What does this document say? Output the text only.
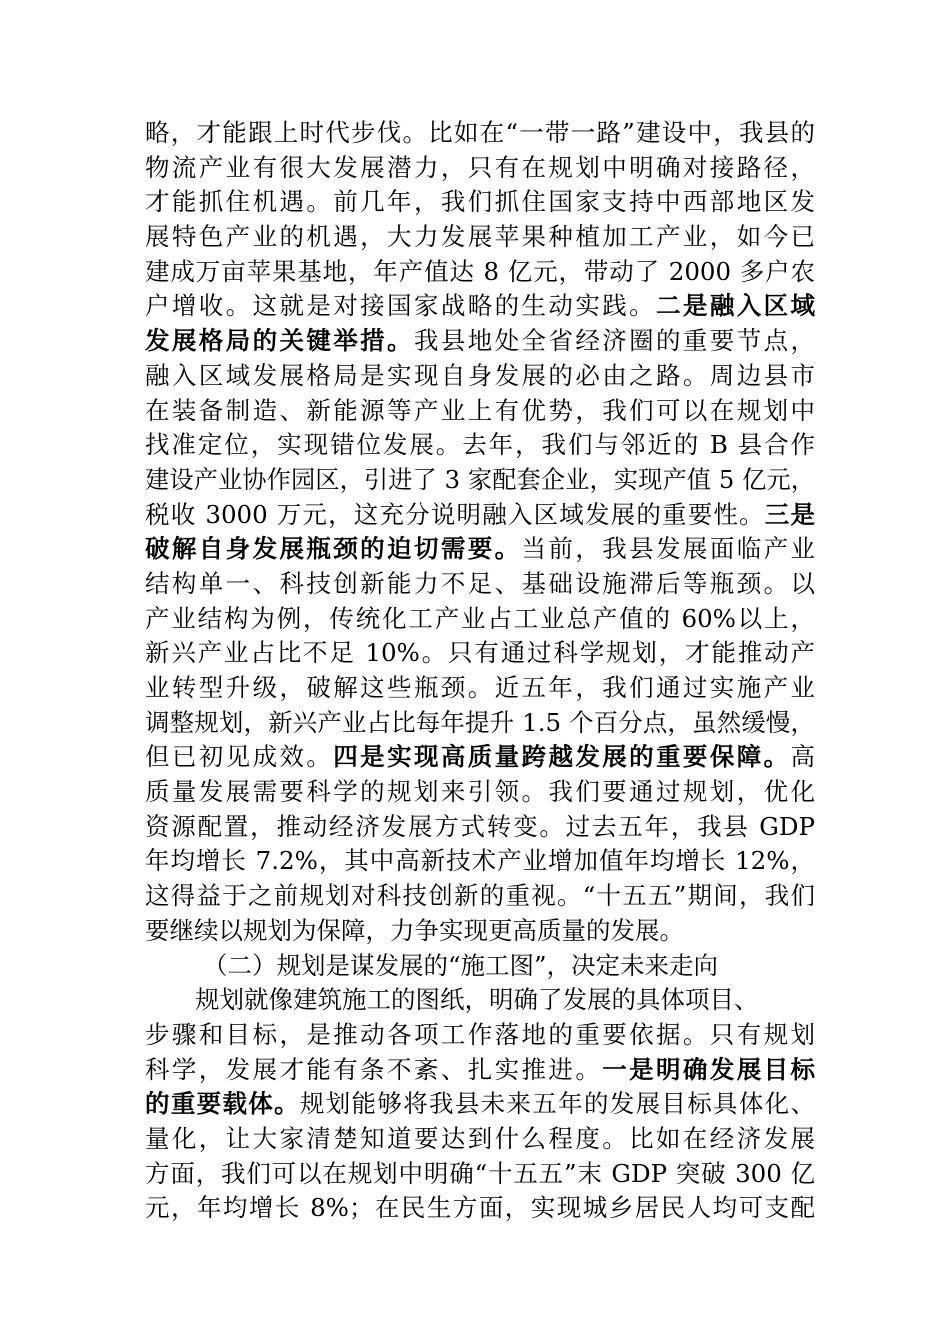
略，才能跟上时代步伐。比如在“一带一路”建设中，我县的
物流产业有很大发展潜力，只有在规划中明确对接路径，
才能抓住机遇。前几年，我们抓住国家支持中西部地区发
展特色产业的机遇，大力发展苹果种植加工产业，如今已
建成万亩苹果基地，年产值达 8 亿元，带动了 2000 多户农
户增收。这就是对接国家战略的生动实践。二是融入区域
发展格局的关键举措。我县地处全省经济圈的重要节点，
融入区域发展格局是实现自身发展的必由之路。周边县市
在装备制造、新能源等产业上有优势，我们可以在规划中
找准定位，实现错位发展。去年，我们与邻近的 B 县合作
建设产业协作园区，引进了 3 家配套企业，实现产值 5 亿元，
税收 3000 万元，这充分说明融入区域发展的重要性。三是
破解自身发展瓶颈的迫切需要。当前，我县发展面临产业
结构单一、科技创新能力不足、基础设施滞后等瓶颈。以
产业结构为例，传统化工产业占工业总产值的 60%以上，
新兴产业占比不足 10%。只有通过科学规划，才能推动产
业转型升级，破解这些瓶颈。近五年，我们通过实施产业
调整规划，新兴产业占比每年提升 1.5 个百分点，虽然缓慢，
但已初见成效。四是实现高质量跨越发展的重要保障。高
质量发展需要科学的规划来引领。我们要通过规划，优化
资源配置，推动经济发展方式转变。过去五年，我县 GDP
年均增长 7.2%，其中高新技术产业增加值年均增长 12%，
这得益于之前规划对科技创新的重视。“十五五”期间，我们
要继续以规划为保障，力争实现更高质量的发展。
（二）规划是谋发展的“施工图”，决定未来走向
规划就像建筑施工的图纸，明确了发展的具体项目、
步骤和目标，是推动各项工作落地的重要依据。只有规划
科学，发展才能有条不紊、扎实推进。一是明确发展目标
的重要载体。规划能够将我县未来五年的发展目标具体化、
量化，让大家清楚知道要达到什么程度。比如在经济发展
方面，我们可以在规划中明确“十五五”末 GDP 突破 300 亿
元，年均增长 8%；在民生方面，实现城乡居民人均可支配
